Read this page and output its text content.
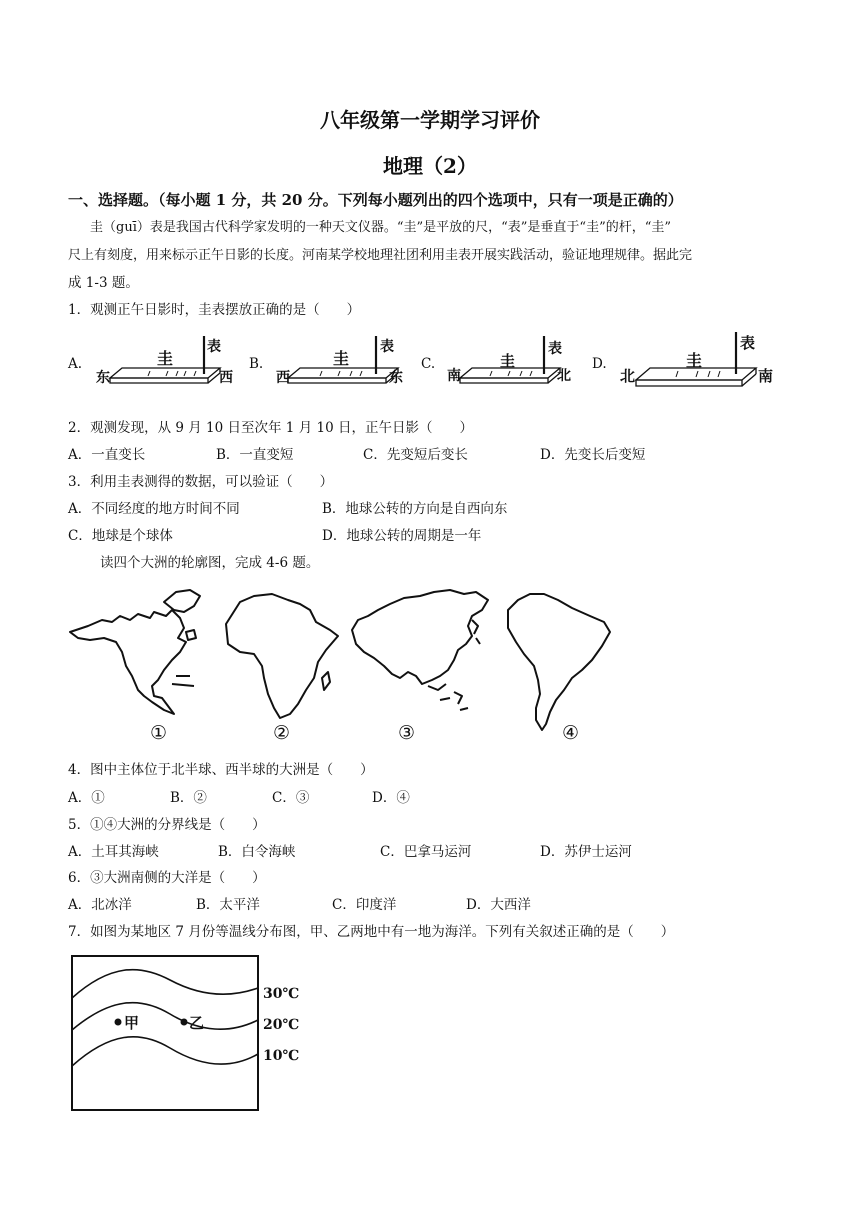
八年级第一学期学习评价
地理（2）
一、选择题。（每小题 1 分，共 20 分。下列每小题列出的四个选项中，只有一项是正确的）
圭（guī）表是我国古代科学家发明的一种天文仪器。“圭”是平放的尺，“表”是垂直于“圭”的杆，“圭”
尺上有刻度，用来标示正午日影的长度。河南某学校地理社团利用圭表开展实践活动，验证地理规律。据此完
成 1-3 题。
1．观测正午日影时，圭表摆放正确的是（　　）
A.	圭
表
东	西
B.	圭
表
西	东
C.	圭
表
南	北
D.	圭
表
北	南
2．观测发现，从 9 月 10 日至次年 1 月 10 日，正午日影（　　）
A．一直变长	B．一直变短	C．先变短后变长	D．先变长后变短
3．利用圭表测得的数据，可以验证（　　）
A．不同经度的地方时间不同	B．地球公转的方向是自西向东
C．地球是个球体	D．地球公转的周期是一年
读四个大洲的轮廓图，完成 4-6 题。
①	②	③	④
4．图中主体位于北半球、西半球的大洲是（　　）
A．①	B．②	C．③	D．④
5．①④大洲的分界线是（　　）
A．土耳其海峡	B．白令海峡	C．巴拿马运河	D．苏伊士运河
6．③大洲南侧的大洋是（　　）
A．北冰洋	B．太平洋	C．印度洋	D．大西洋
7．如图为某地区 7 月份等温线分布图，甲、乙两地中有一地为海洋。下列有关叙述正确的是（　　）
甲	乙
30℃
20℃
10℃
